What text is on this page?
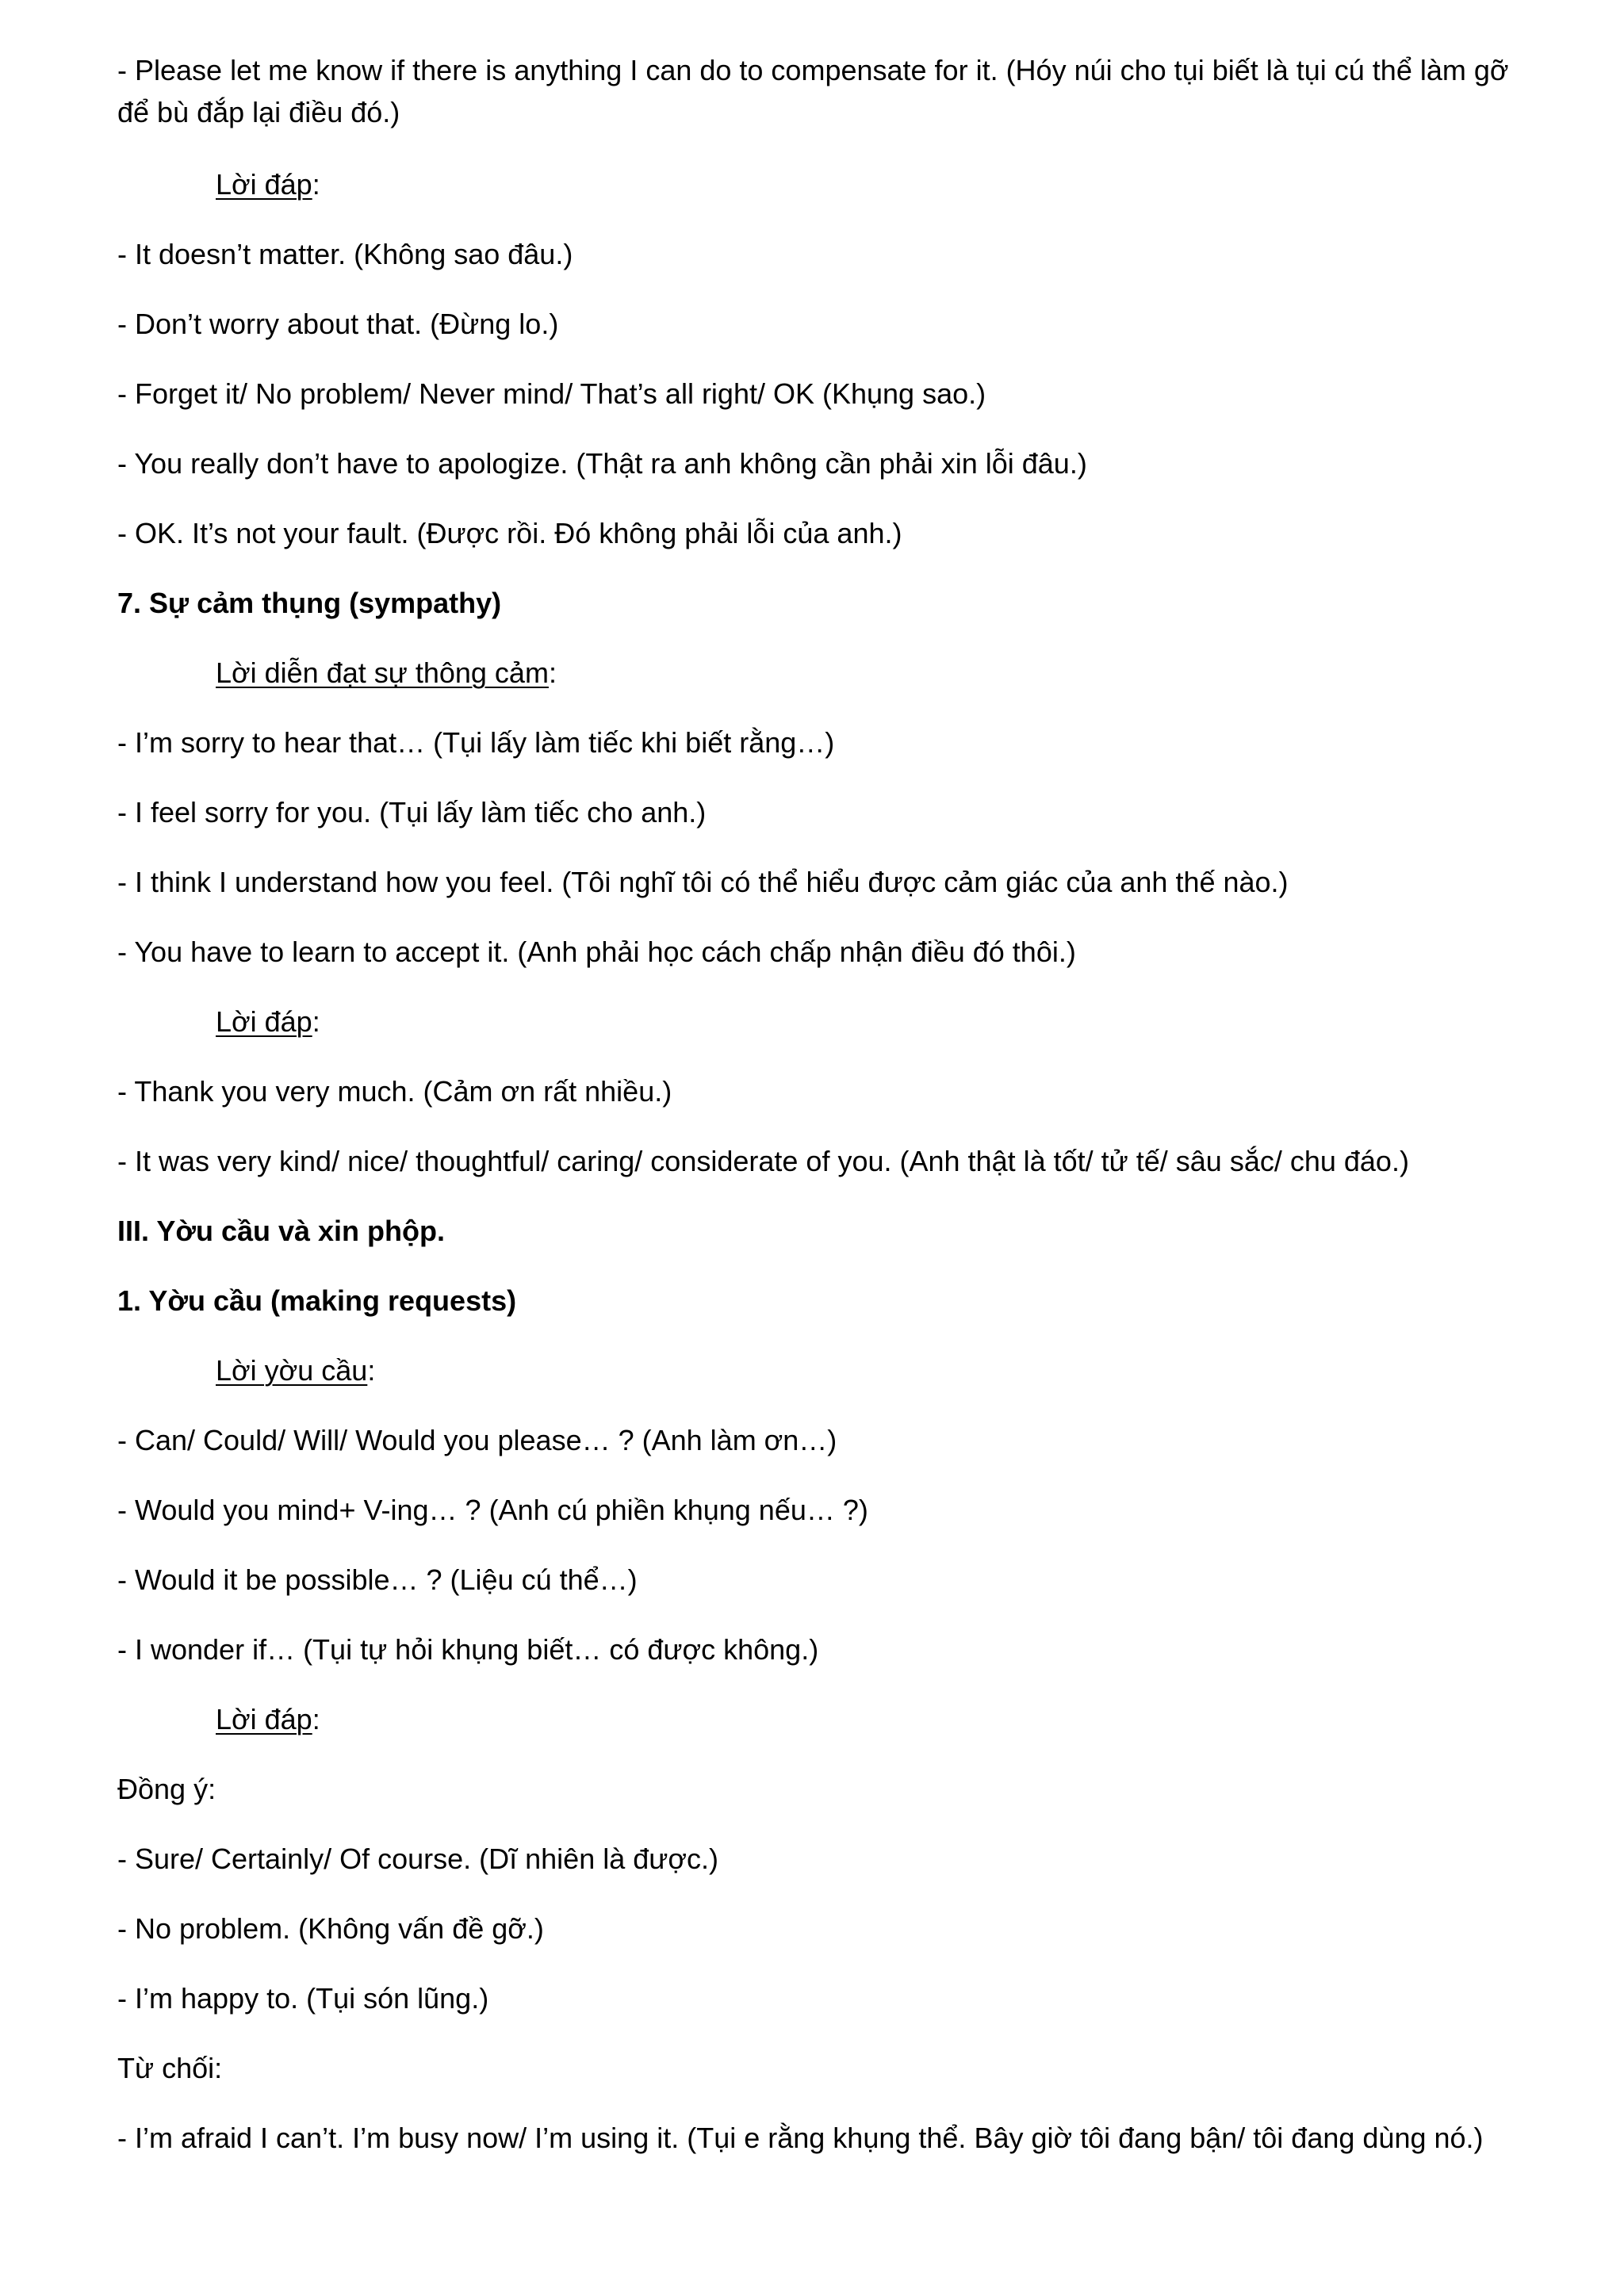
- Please let me know if there is anything I can do to compensate for it. (Hóy núi cho tụi biết là tụi cú thể làm gỡ để bù đắp lại điều đó.)

Lời đáp:
- It doesn’t matter. (Không sao đâu.)
- Don’t worry about that. (Đừng lo.)
- Forget it/ No problem/ Never mind/ That’s all right/ OK (Khụng sao.)
- You really don’t have to apologize. (Thật ra anh không cần phải xin lỗi đâu.)
- OK. It’s not your fault. (Được rồi. Đó không phải lỗi của anh.)
7. Sự cảm thụng (sympathy)
Lời diễn đạt sự thông cảm:
- I’m sorry to hear that… (Tụi lấy làm tiếc khi biết rằng…)
- I feel sorry for you. (Tụi lấy làm tiếc cho anh.)
- I think I understand how you feel. (Tôi nghĩ tôi có thể hiểu được cảm giác của anh thế nào.)
- You have to learn to accept it. (Anh phải học cách chấp nhận điều đó thôi.)
Lời đáp:
- Thank you very much. (Cảm ơn rất nhiều.)
- It was very kind/ nice/ thoughtful/ caring/ considerate of you. (Anh thật là tốt/ tử tế/ sâu sắc/ chu đáo.)
III. Yờu cầu và xin phộp.
1. Yờu cầu (making requests)
Lời yờu cầu:
- Can/ Could/ Will/ Would you please… ? (Anh làm ơn…)
- Would you mind+ V-ing… ? (Anh cú phiền khụng nếu… ?)
- Would it be possible… ? (Liệu cú thể…)
- I wonder if… (Tụi tự hỏi khụng biết… có được không.)
Lời đáp:
Đồng ý:
- Sure/ Certainly/ Of course. (Dĩ nhiên là được.)
- No problem. (Không vấn đề gỡ.)
- I’m happy to. (Tụi són lũng.)
Từ chối:
- I’m afraid I can’t. I’m busy now/ I’m using it. (Tụi e rằng khụng thể. Bây giờ tôi đang bận/ tôi đang dùng nó.)
